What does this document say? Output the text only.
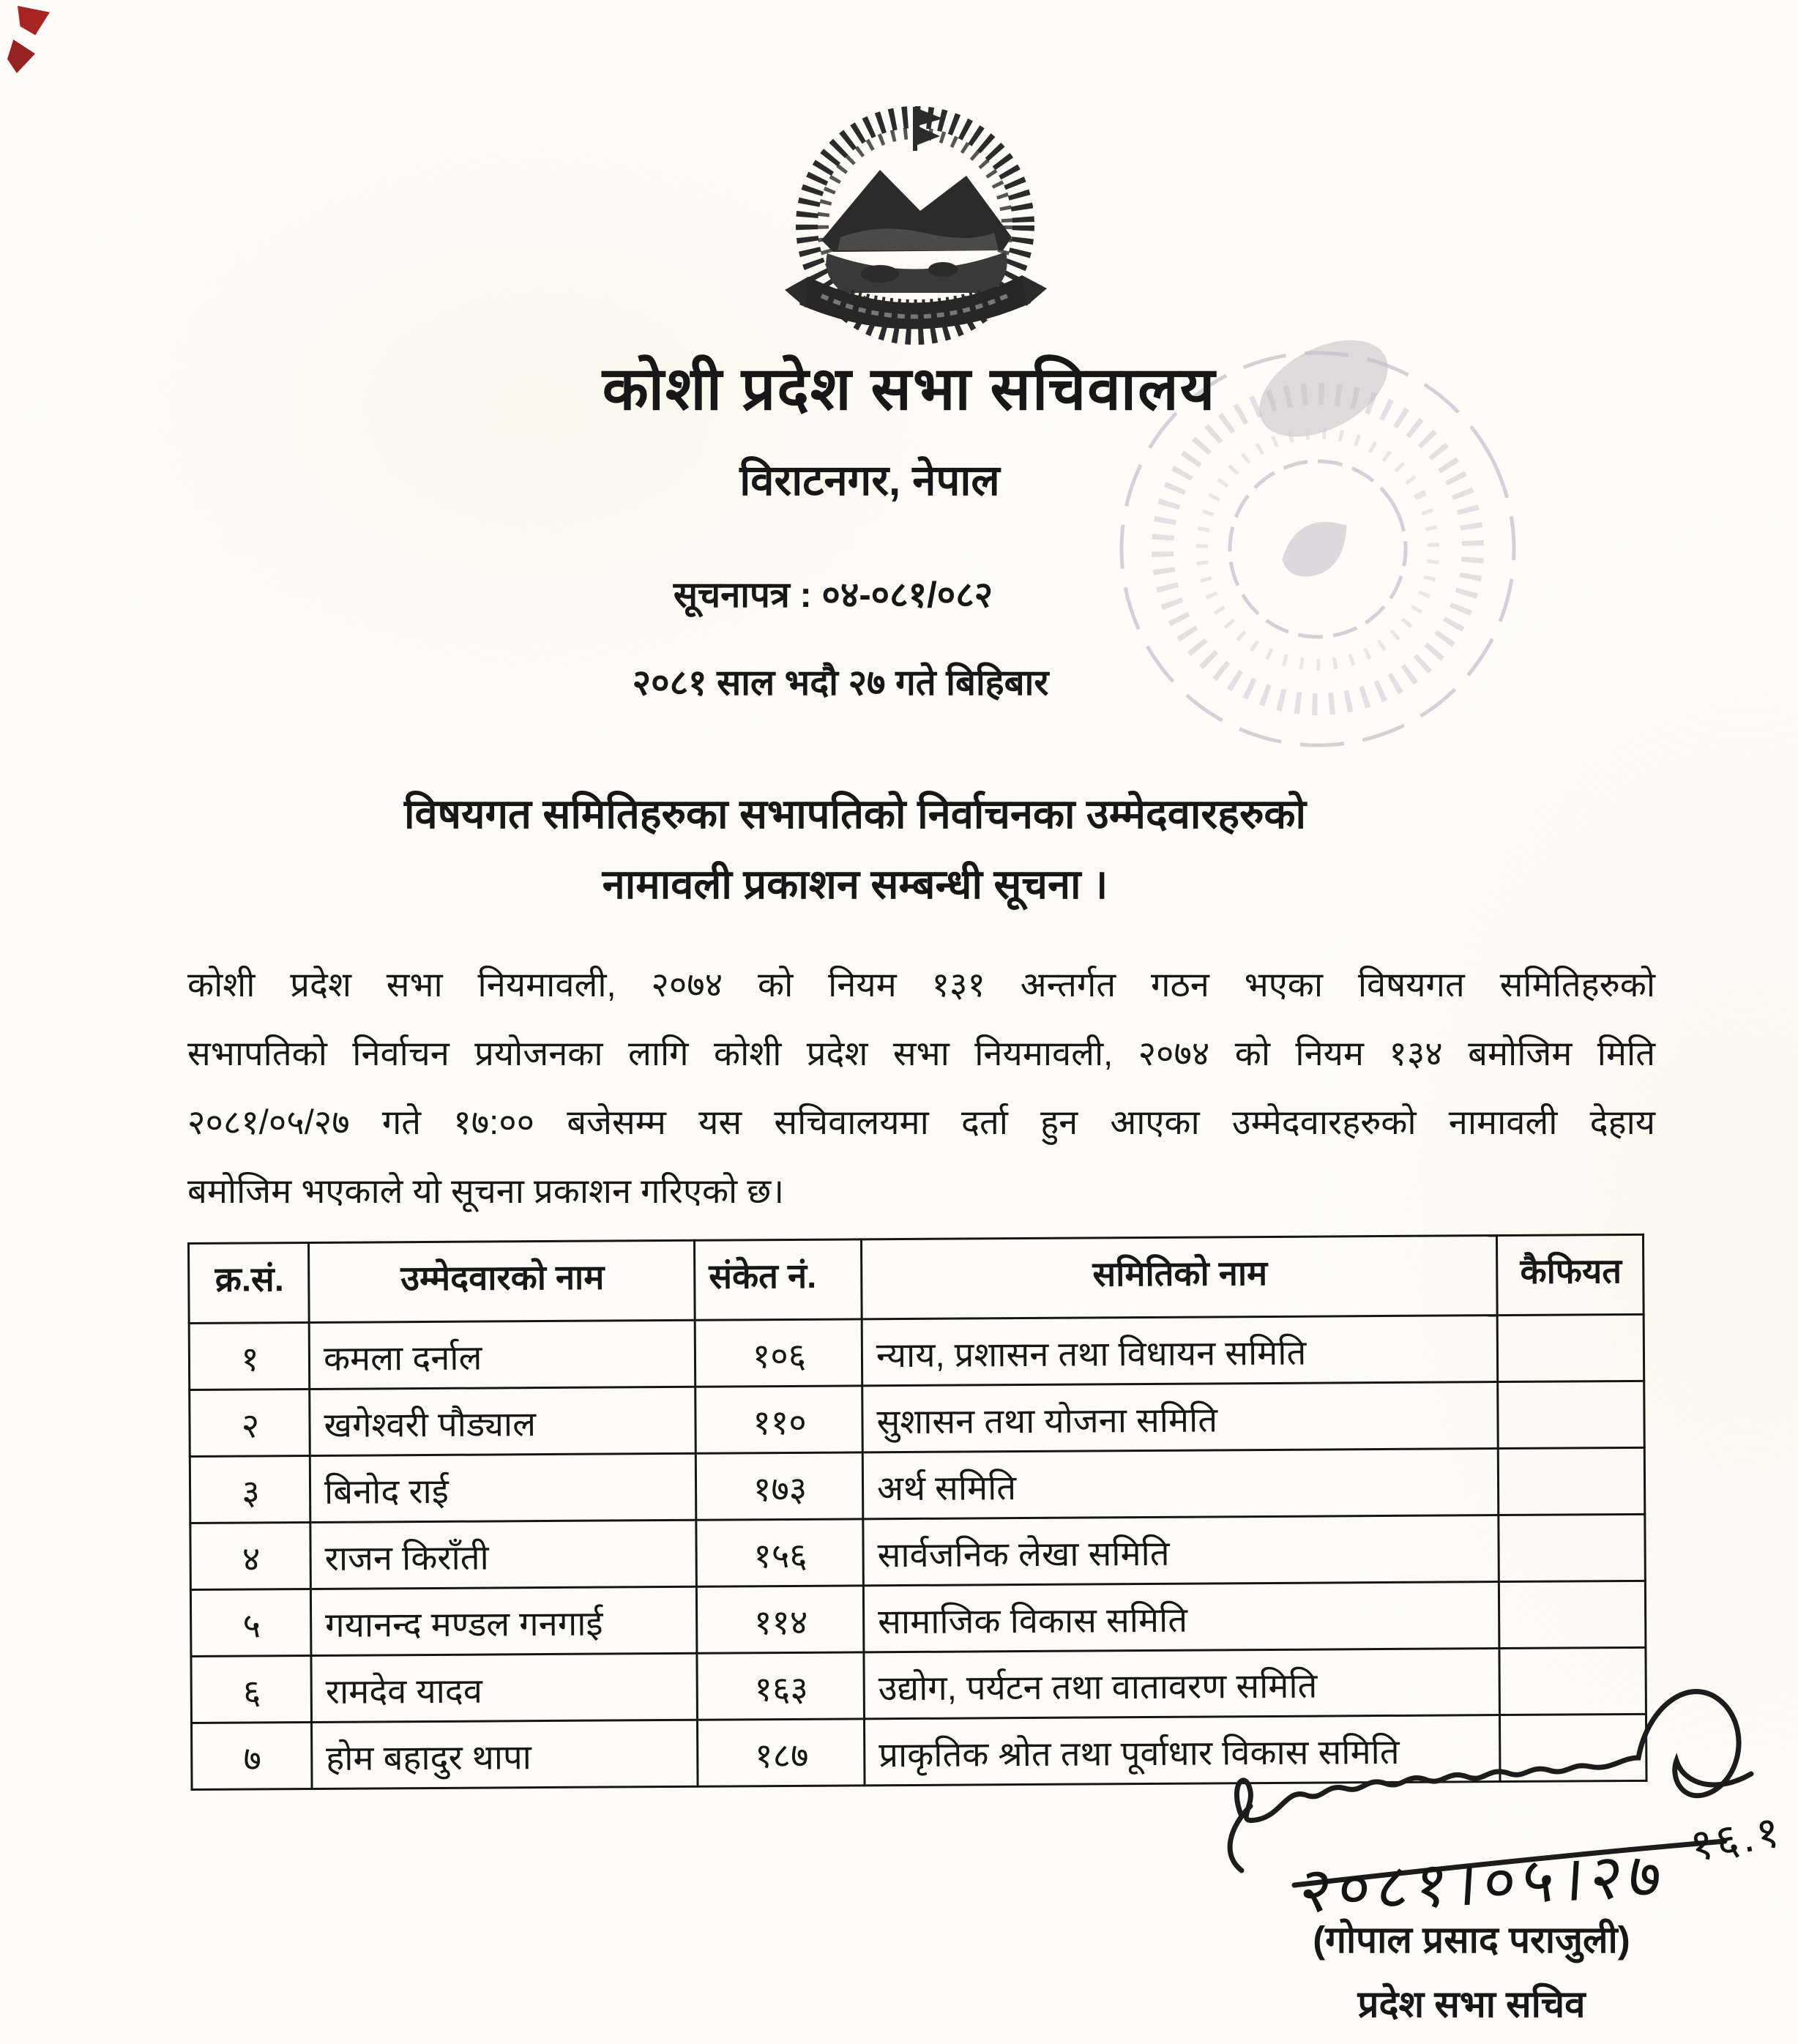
कोशी प्रदेश सभा सचिवालय
विराटनगर, नेपाल
सूचनापत्र : ०४-०८१/०८२
२०८१ साल भदौ २७ गते बिहिबार
विषयगत समितिहरुका सभापतिको निर्वाचनका उम्मेदवारहरुको
नामावली प्रकाशन सम्बन्धी सूचना ।
कोशी प्रदेश सभा नियमावली, २०७४ को नियम १३१ अन्तर्गत गठन भएका विषयगत समितिहरुको
सभापतिको निर्वाचन प्रयोजनका लागि कोशी प्रदेश सभा नियमावली, २०७४ को नियम १३४ बमोजिम मिति
२०८१/०५/२७ गते १७:०० बजेसम्म यस सचिवालयमा दर्ता हुन आएका उम्मेदवारहरुको नामावली देहाय
बमोजिम भएकाले यो सूचना प्रकाशन गरिएको छ।
क्र.सं.	उम्मेदवारको नाम	संकेत नं.	समितिको नाम	कैफियत
१	कमला दर्नाल	१०६	न्याय, प्रशासन तथा विधायन समिति	
२	खगेश्वरी पौड्याल	११०	सुशासन तथा योजना समिति	
३	बिनोद राई	१७३	अर्थ समिति	
४	राजन किराँती	१५६	सार्वजनिक लेखा समिति	
५	गयानन्द मण्डल गनगाई	११४	सामाजिक विकास समिति	
६	रामदेव यादव	१६३	उद्योग, पर्यटन तथा वातावरण समिति	
७	होम बहादुर थापा	१८७	प्राकृतिक श्रोत तथा पूर्वाधार विकास समिति	
२०८१।०५।२७
१६.१
(गोपाल प्रसाद पराजुली)
प्रदेश सभा सचिव
